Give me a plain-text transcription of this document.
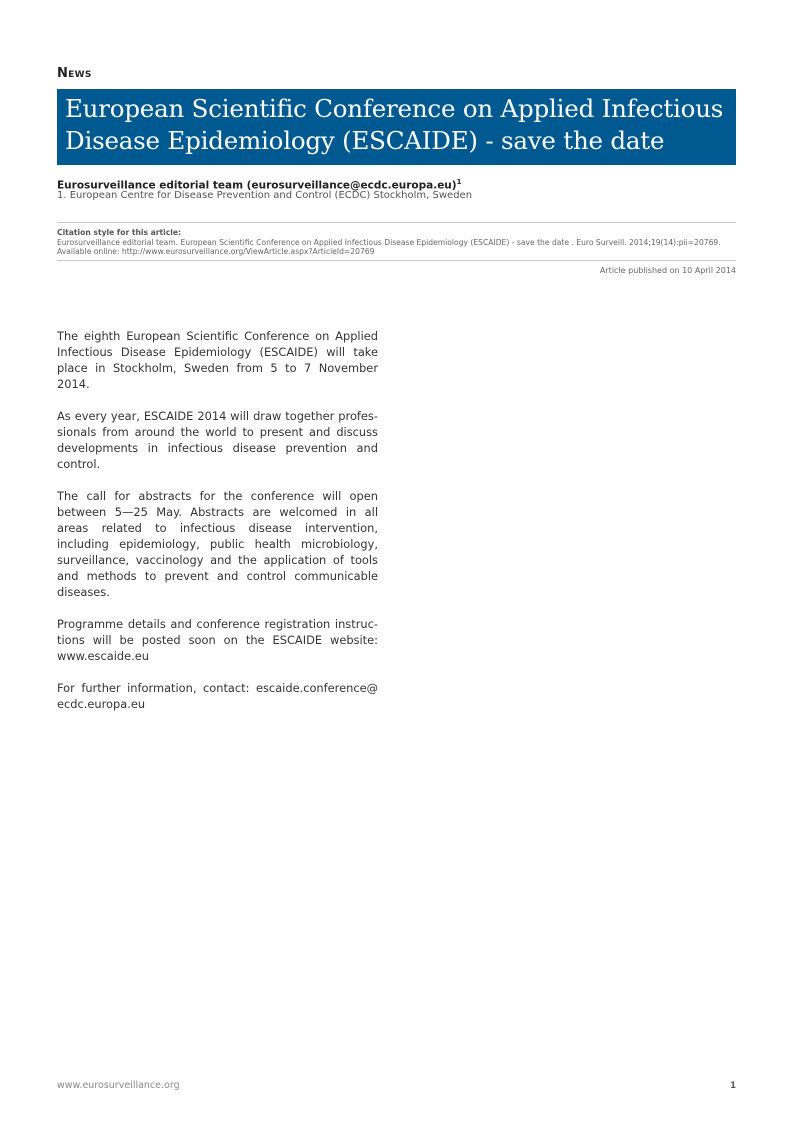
News
European Scientific Conference on Applied Infectious Disease Epidemiology (ESCAIDE) - save the date
Eurosurveillance editorial team (eurosurveillance@ecdc.europa.eu)$^1$
1. European Centre for Disease Prevention and Control (ECDC) Stockholm, Sweden
Citation style for this article:
Eurosurveillance editorial team. European Scientific Conference on Applied Infectious Disease Epidemiology (ESCAIDE) - save the date . Euro Surveill. 2014;19(14):pii=20769. Available online: http://www.eurosurveillance.org/ViewArticle.aspx?ArticleId=20769
Article published on 10 April 2014

The eighth European Scientific Conference on Applied Infectious Disease Epidemiology (ESCAIDE) will take place in Stockholm, Sweden from 5 to 7 November 2014.

As every year, ESCAIDE 2014 will draw together professionals from around the world to present and discuss developments in infectious disease prevention and control.

The call for abstracts for the conference will open between 5—25 May. Abstracts are welcomed in all areas related to infectious disease intervention, including epidemiology, public health microbiology, surveillance, vaccinology and the application of tools and methods to prevent and control communicable diseases.

Programme details and conference registration instructions will be posted soon on the ESCAIDE website: www.escaide.eu

For further information, contact: escaide.conference@ ecdc.europa.eu

www.eurosurveillance.org	1
